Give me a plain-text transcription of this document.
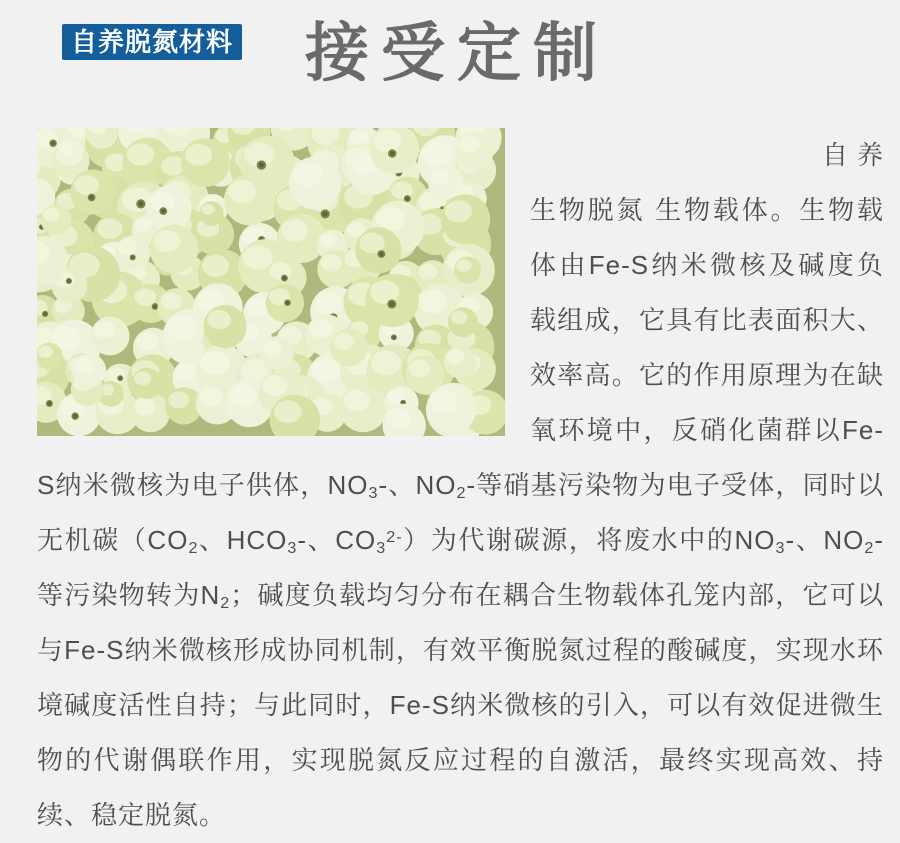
自养脱氮材料 接受定制

自养生物脱氮 生物载体。生物载体由Fe-S纳米微核及碱度负载组成，它具有比表面积大、效率高。它的作用原理为在缺氧环境中，反硝化菌群以Fe-S纳米微核为电子供体，$NO_3-$、$NO_2-$等硝基污染物为电子受体，同时以无机碳（$CO_2$、$HCO_3-$、$CO_3^{2-}$）为代谢碳源，将废水中的$NO_3-$、$NO_2-$等污染物转为$N_2$；碱度负载均匀分布在耦合生物载体孔笼内部，它可以与Fe-S纳米微核形成协同机制，有效平衡脱氮过程的酸碱度，实现水环境碱度活性自持；与此同时，Fe-S纳米微核的引入，可以有效促进微生物的代谢偶联作用，实现脱氮反应过程的自激活，最终实现高效、持续、稳定脱氮。
